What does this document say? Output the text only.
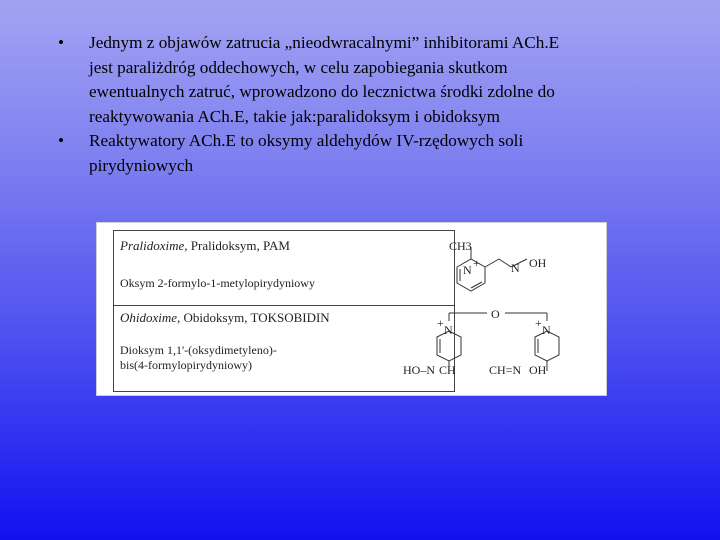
• Jednym z objawów zatrucia „nieodwracalnymi” inhibitorami ACh.E
jest paraliżdróg oddechowych, w celu zapobiegania skutkom
ewentualnych zatruć, wprowadzono do lecznictwa środki zdolne do
reaktywowania ACh.E, takie jak:paralidoksym i obidoksym
• Reaktywatory ACh.E to oksymy aldehydów IV-rzędowych soli
pirydyniowych
Pralidoxime, Pralidoksym, PAM
Oksym 2-formylo-1-metylopirydyniowy
Ohidoxime, Obidoksym, TOKSOBIDIN
Dioksym 1,1'-(oksydimetyleno)-
bis(4-formylopirydyniowy)
CH3
N +	N OH
O
N
+	N
+
HO–N CH	CH=N OH
